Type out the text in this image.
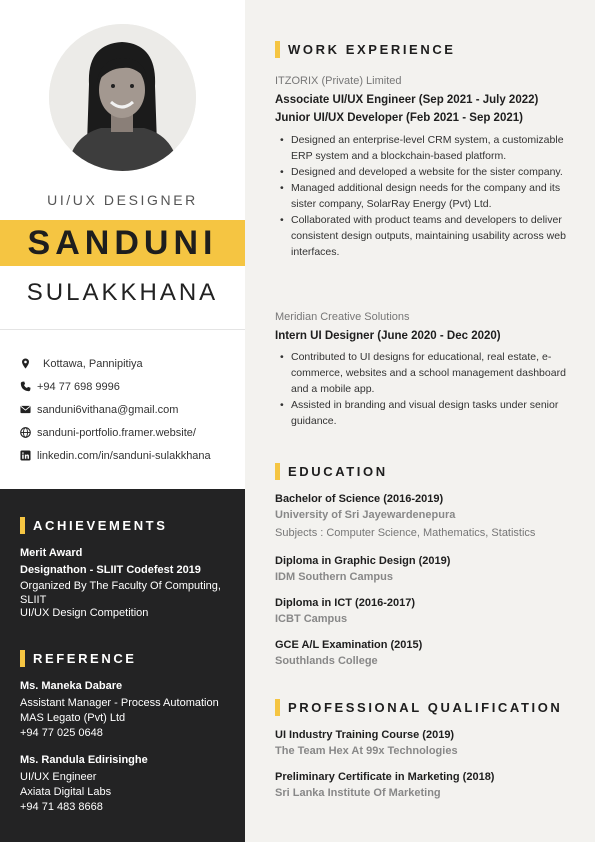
UI/UX DESIGNER
SANDUNI
SULAKKHANA
Kottawa, Pannipitiya
+94 77 698 9996
sanduni6vithana@gmail.com
sanduni-portfolio.framer.website/
linkedin.com/in/sanduni-sulakkhana
ACHIEVEMENTS
Merit Award
Designathon - SLIIT Codefest 2019
Organized By The Faculty Of Computing, SLIIT
UI/UX Design Competition
REFERENCE
Ms. Maneka Dabare
Assistant Manager - Process Automation
MAS Legato (Pvt) Ltd
+94 77 025 0648
Ms. Randula Edirisinghe
UI/UX Engineer
Axiata Digital Labs
+94 71 483 8668
WORK EXPERIENCE
ITZORIX (Private) Limited
Associate UI/UX Engineer (Sep 2021 - July 2022)
Junior UI/UX Developer (Feb 2021 - Sep 2021)
• Designed an enterprise-level CRM system, a customizable ERP system and a blockchain-based platform.
• Designed and developed a website for the sister company.
• Managed additional design needs for the company and its sister company, SolarRay Energy (Pvt) Ltd.
• Collaborated with product teams and developers to deliver consistent design outputs, maintaining usability across web interfaces.
Meridian Creative Solutions
Intern UI Designer (June 2020 - Dec 2020)
• Contributed to UI designs for educational, real estate, e-commerce, websites and a school management dashboard and a mobile app.
• Assisted in branding and visual design tasks under senior guidance.
EDUCATION
Bachelor of Science (2016-2019)
University of Sri Jayewardenepura
Subjects : Computer Science, Mathematics, Statistics
Diploma in Graphic Design (2019)
IDM Southern Campus
Diploma in ICT (2016-2017)
ICBT Campus
GCE A/L Examination (2015)
Southlands College
PROFESSIONAL QUALIFICATION
UI Industry Training Course (2019)
The Team Hex At 99x Technologies
Preliminary Certificate in Marketing (2018)
Sri Lanka Institute Of Marketing
